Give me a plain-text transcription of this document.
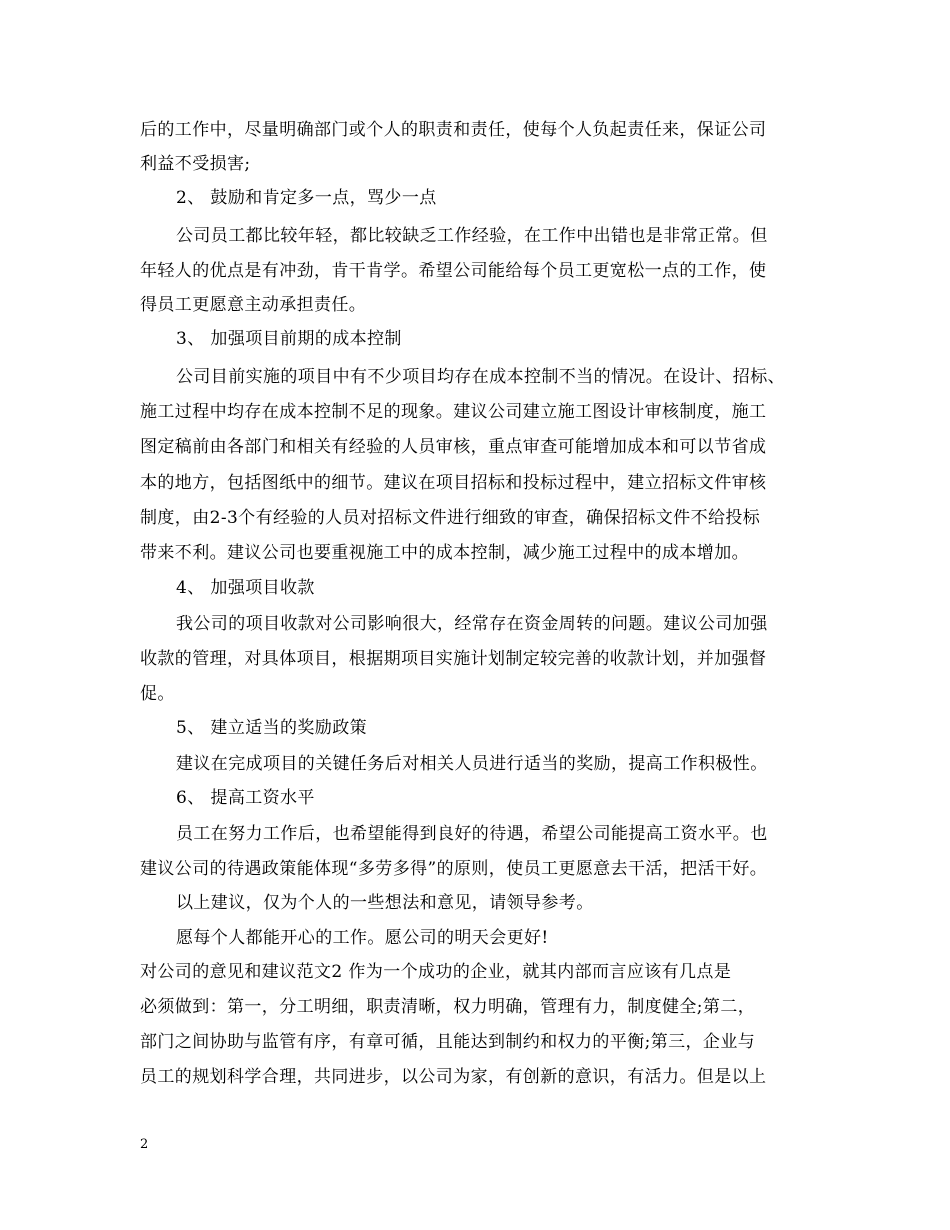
后的工作中，尽量明确部门或个人的职责和责任，使每个人负起责任来，保证公司
利益不受损害;
2、 鼓励和肯定多一点，骂少一点
公司员工都比较年轻，都比较缺乏工作经验，在工作中出错也是非常正常。但
年轻人的优点是有冲劲，肯干肯学。希望公司能给每个员工更宽松一点的工作，使
得员工更愿意主动承担责任。
3、 加强项目前期的成本控制
公司目前实施的项目中有不少项目均存在成本控制不当的情况。在设计、招标、
施工过程中均存在成本控制不足的现象。建议公司建立施工图设计审核制度，施工
图定稿前由各部门和相关有经验的人员审核，重点审查可能增加成本和可以节省成
本的地方，包括图纸中的细节。建议在项目招标和投标过程中，建立招标文件审核
制度，由2-3个有经验的人员对招标文件进行细致的审查，确保招标文件不给投标
带来不利。建议公司也要重视施工中的成本控制，减少施工过程中的成本增加。
4、 加强项目收款
我公司的项目收款对公司影响很大，经常存在资金周转的问题。建议公司加强
收款的管理，对具体项目，根据期项目实施计划制定较完善的收款计划，并加强督
促。
5、 建立适当的奖励政策
建议在完成项目的关键任务后对相关人员进行适当的奖励，提高工作积极性。
6、 提高工资水平
员工在努力工作后，也希望能得到良好的待遇，希望公司能提高工资水平。也
建议公司的待遇政策能体现“多劳多得”的原则，使员工更愿意去干活，把活干好。
以上建议，仅为个人的一些想法和意见，请领导参考。
愿每个人都能开心的工作。愿公司的明天会更好!
对公司的意见和建议范文2 作为一个成功的企业，就其内部而言应该有几点是
必须做到：第一，分工明细，职责清晰，权力明确，管理有力，制度健全;第二，
部门之间协助与监管有序，有章可循，且能达到制约和权力的平衡;第三，企业与
员工的规划科学合理，共同进步，以公司为家，有创新的意识，有活力。但是以上
2
